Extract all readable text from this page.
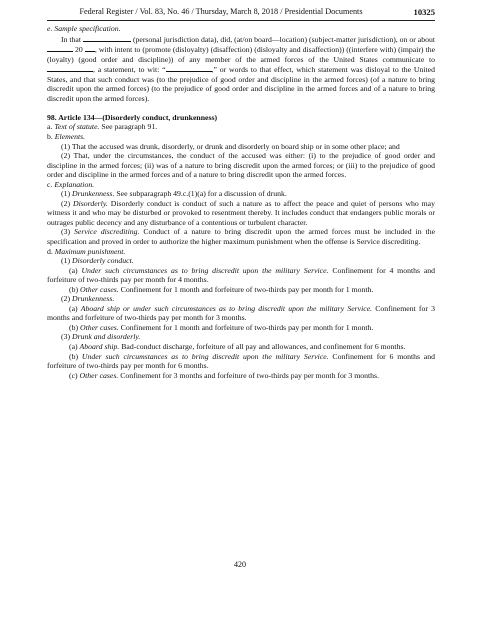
Federal Register / Vol. 83, No. 46 / Thursday, March 8, 2018 / Presidential Documents	10325

e. Sample specification.

In that	(personal jurisdiction data), did, (at/on board—location) (subject-matter jurisdiction), on or about  20 , with intent to (promote (disloyalty) (disaffection) (disloyalty and disaffection)) ((interfere with) (impair) the (loyalty) (good order and discipline)) of any member of the armed forces of the United States communicate to , a statement, to wit: “	,” or words to that effect, which statement was disloyal to the United States, and that such conduct was (to the prejudice of good order and discipline in the armed forces) (of a nature to bring discredit upon the armed forces) (to the prejudice of good order and discipline in the armed forces and of a nature to bring discredit upon the armed forces).

98. Article 134—(Disorderly conduct, drunkenness)

a. Text of statute. See paragraph 91.

b. Elements.

(1) That the accused was drunk, disorderly, or drunk and disorderly on board ship or in some other place; and

(2) That, under the circumstances, the conduct of the accused was either: (i) to the prejudice of good order and discipline in the armed forces; (ii) was of a nature to bring discredit upon the armed forces; or (iii) to the prejudice of good order and discipline in the armed forces and of a nature to bring discredit upon the armed forces.

c. Explanation.

(1) Drunkenness. See subparagraph 49.c.(1)(a) for a discussion of drunk.

(2) Disorderly. Disorderly conduct is conduct of such a nature as to affect the peace and quiet of persons who may witness it and who may be disturbed or provoked to resentment thereby. It includes conduct that endangers public morals or outrages public decency and any disturbance of a contentious or turbulent character.

(3) Service discrediting. Conduct of a nature to bring discredit upon the armed forces must be included in the specification and proved in order to authorize the higher maximum punishment when the offense is Service discrediting.

d. Maximum punishment.

(1) Disorderly conduct.

(a) Under such circumstances as to bring discredit upon the military Service. Confinement for 4 months and forfeiture of two-thirds pay per month for 4 months.

(b) Other cases. Confinement for 1 month and forfeiture of two-thirds pay per month for 1 month.

(2) Drunkenness.

(a) Aboard ship or under such circumstances as to bring discredit upon the military Service. Confinement for 3 months and forfeiture of two-thirds pay per month for 3 months.

(b) Other cases. Confinement for 1 month and forfeiture of two-thirds pay per month for 1 month.

(3) Drunk and disorderly.

(a) Aboard ship. Bad-conduct discharge, forfeiture of all pay and allowances, and confinement for 6 months.

(b) Under such circumstances as to bring discredit upon the military Service. Confinement for 6 months and forfeiture of two-thirds pay per month for 6 months.

(c) Other cases. Confinement for 3 months and forfeiture of two-thirds pay per month for 3 months.

420
